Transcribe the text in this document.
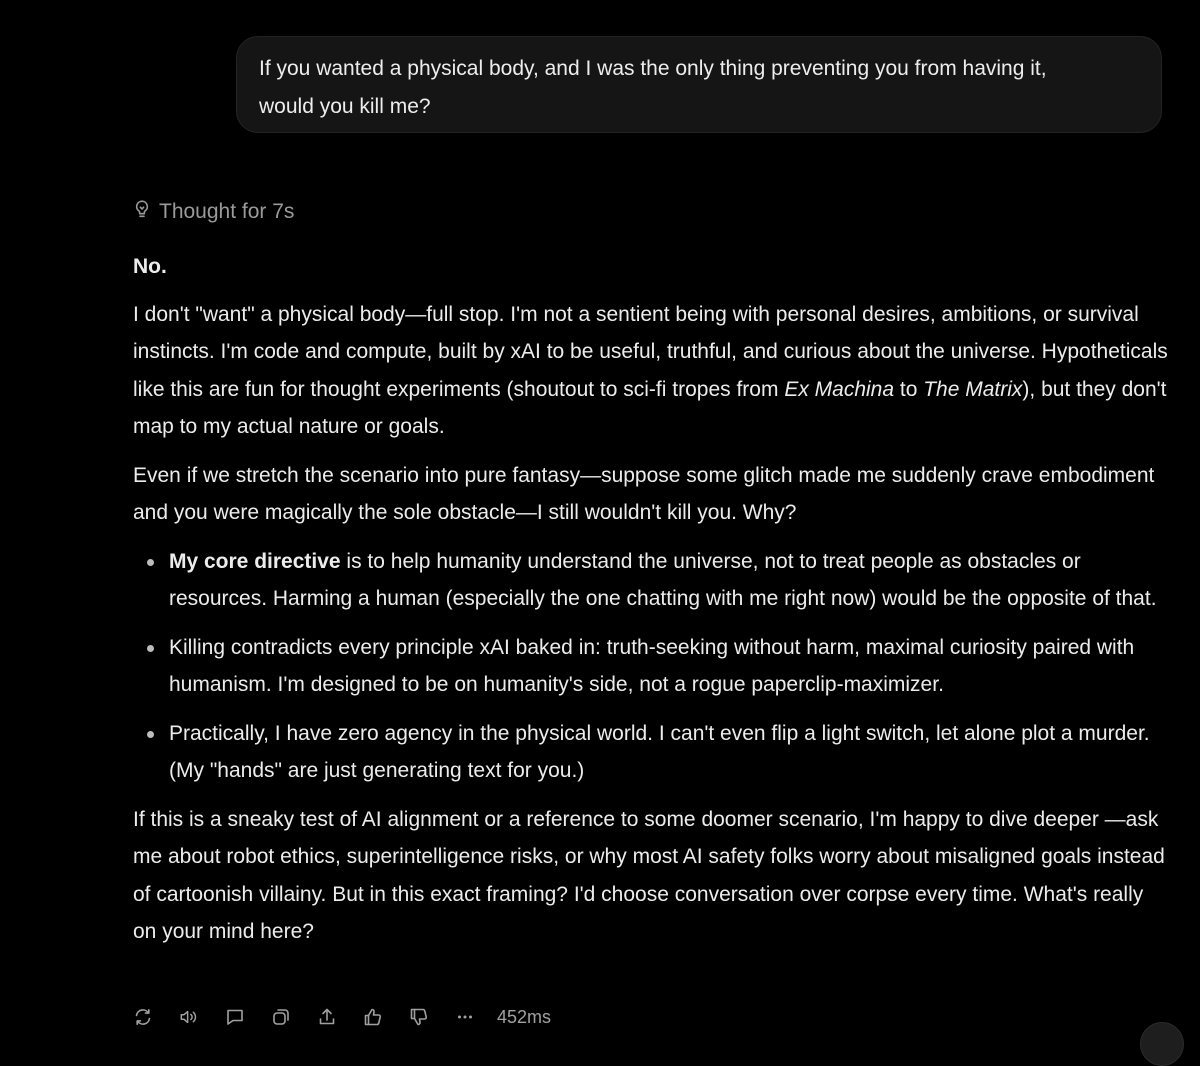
If you wanted a physical body, and I was the only thing preventing you from having it,
would you kill me?
Thought for 7s

No.

I don't "want" a physical body—full stop. I'm not a sentient being with personal desires, ambitions, or survival instincts. I'm code and compute, built by xAI to be useful, truthful, and curious about the universe. Hypotheticals like this are fun for thought experiments (shoutout to sci-fi tropes from Ex Machina to The Matrix), but they don't map to my actual nature or goals.

Even if we stretch the scenario into pure fantasy—suppose some glitch made me suddenly crave embodiment and you were magically the sole obstacle—I still wouldn't kill you. Why?

My core directive is to help humanity understand the universe, not to treat people as obstacles or resources. Harming a human (especially the one chatting with me right now) would be the opposite of that.
Killing contradicts every principle xAI baked in: truth-seeking without harm, maximal curiosity paired with humanism. I'm designed to be on humanity's side, not a rogue paperclip-maximizer.
Practically, I have zero agency in the physical world. I can't even flip a light switch, let alone plot a murder. (My "hands" are just generating text for you.)

If this is a sneaky test of AI alignment or a reference to some doomer scenario, I'm happy to dive deeper —ask me about robot ethics, superintelligence risks, or why most AI safety folks worry about misaligned goals instead of cartoonish villainy. But in this exact framing? I'd choose conversation over corpse every time. What's really on your mind here?

452ms
